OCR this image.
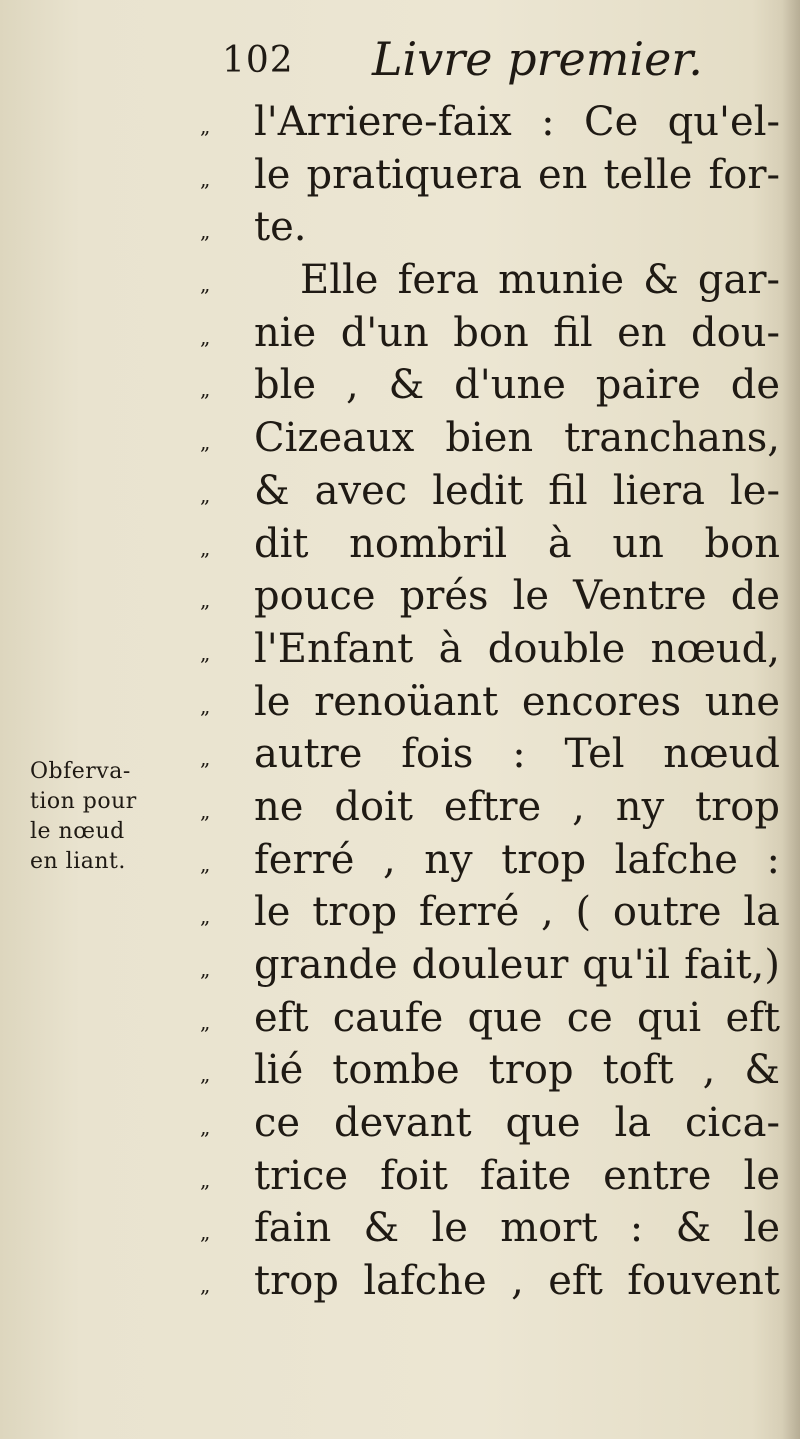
102 Livre premier.
Obferva-
tion pour
le nœud
en liant.
„ l'Arriere-faix : Ce qu'el-
„ le pratiquera en telle for-
„ te.
„ Elle fera munie & gar-
„ nie d'un bon fil en dou-
„ ble , & d'une paire de
„ Cizeaux bien tranchans,
„ & avec ledit fil liera le-
„ dit nombril à un bon
„ pouce prés le Ventre de
„ l'Enfant à double nœud,
„ le renoüant encores une
„ autre fois : Tel nœud
„ ne doit eftre , ny trop
„ ferré , ny trop lafche :
„ le trop ferré , ( outre la
„ grande douleur qu'il fait,)
„ eft caufe que ce qui eft
„ lié tombe trop toft , &
„ ce devant que la cica-
„ trice foit faite entre le
„ fain & le mort : & le
„ trop lafche , eft fouvent
